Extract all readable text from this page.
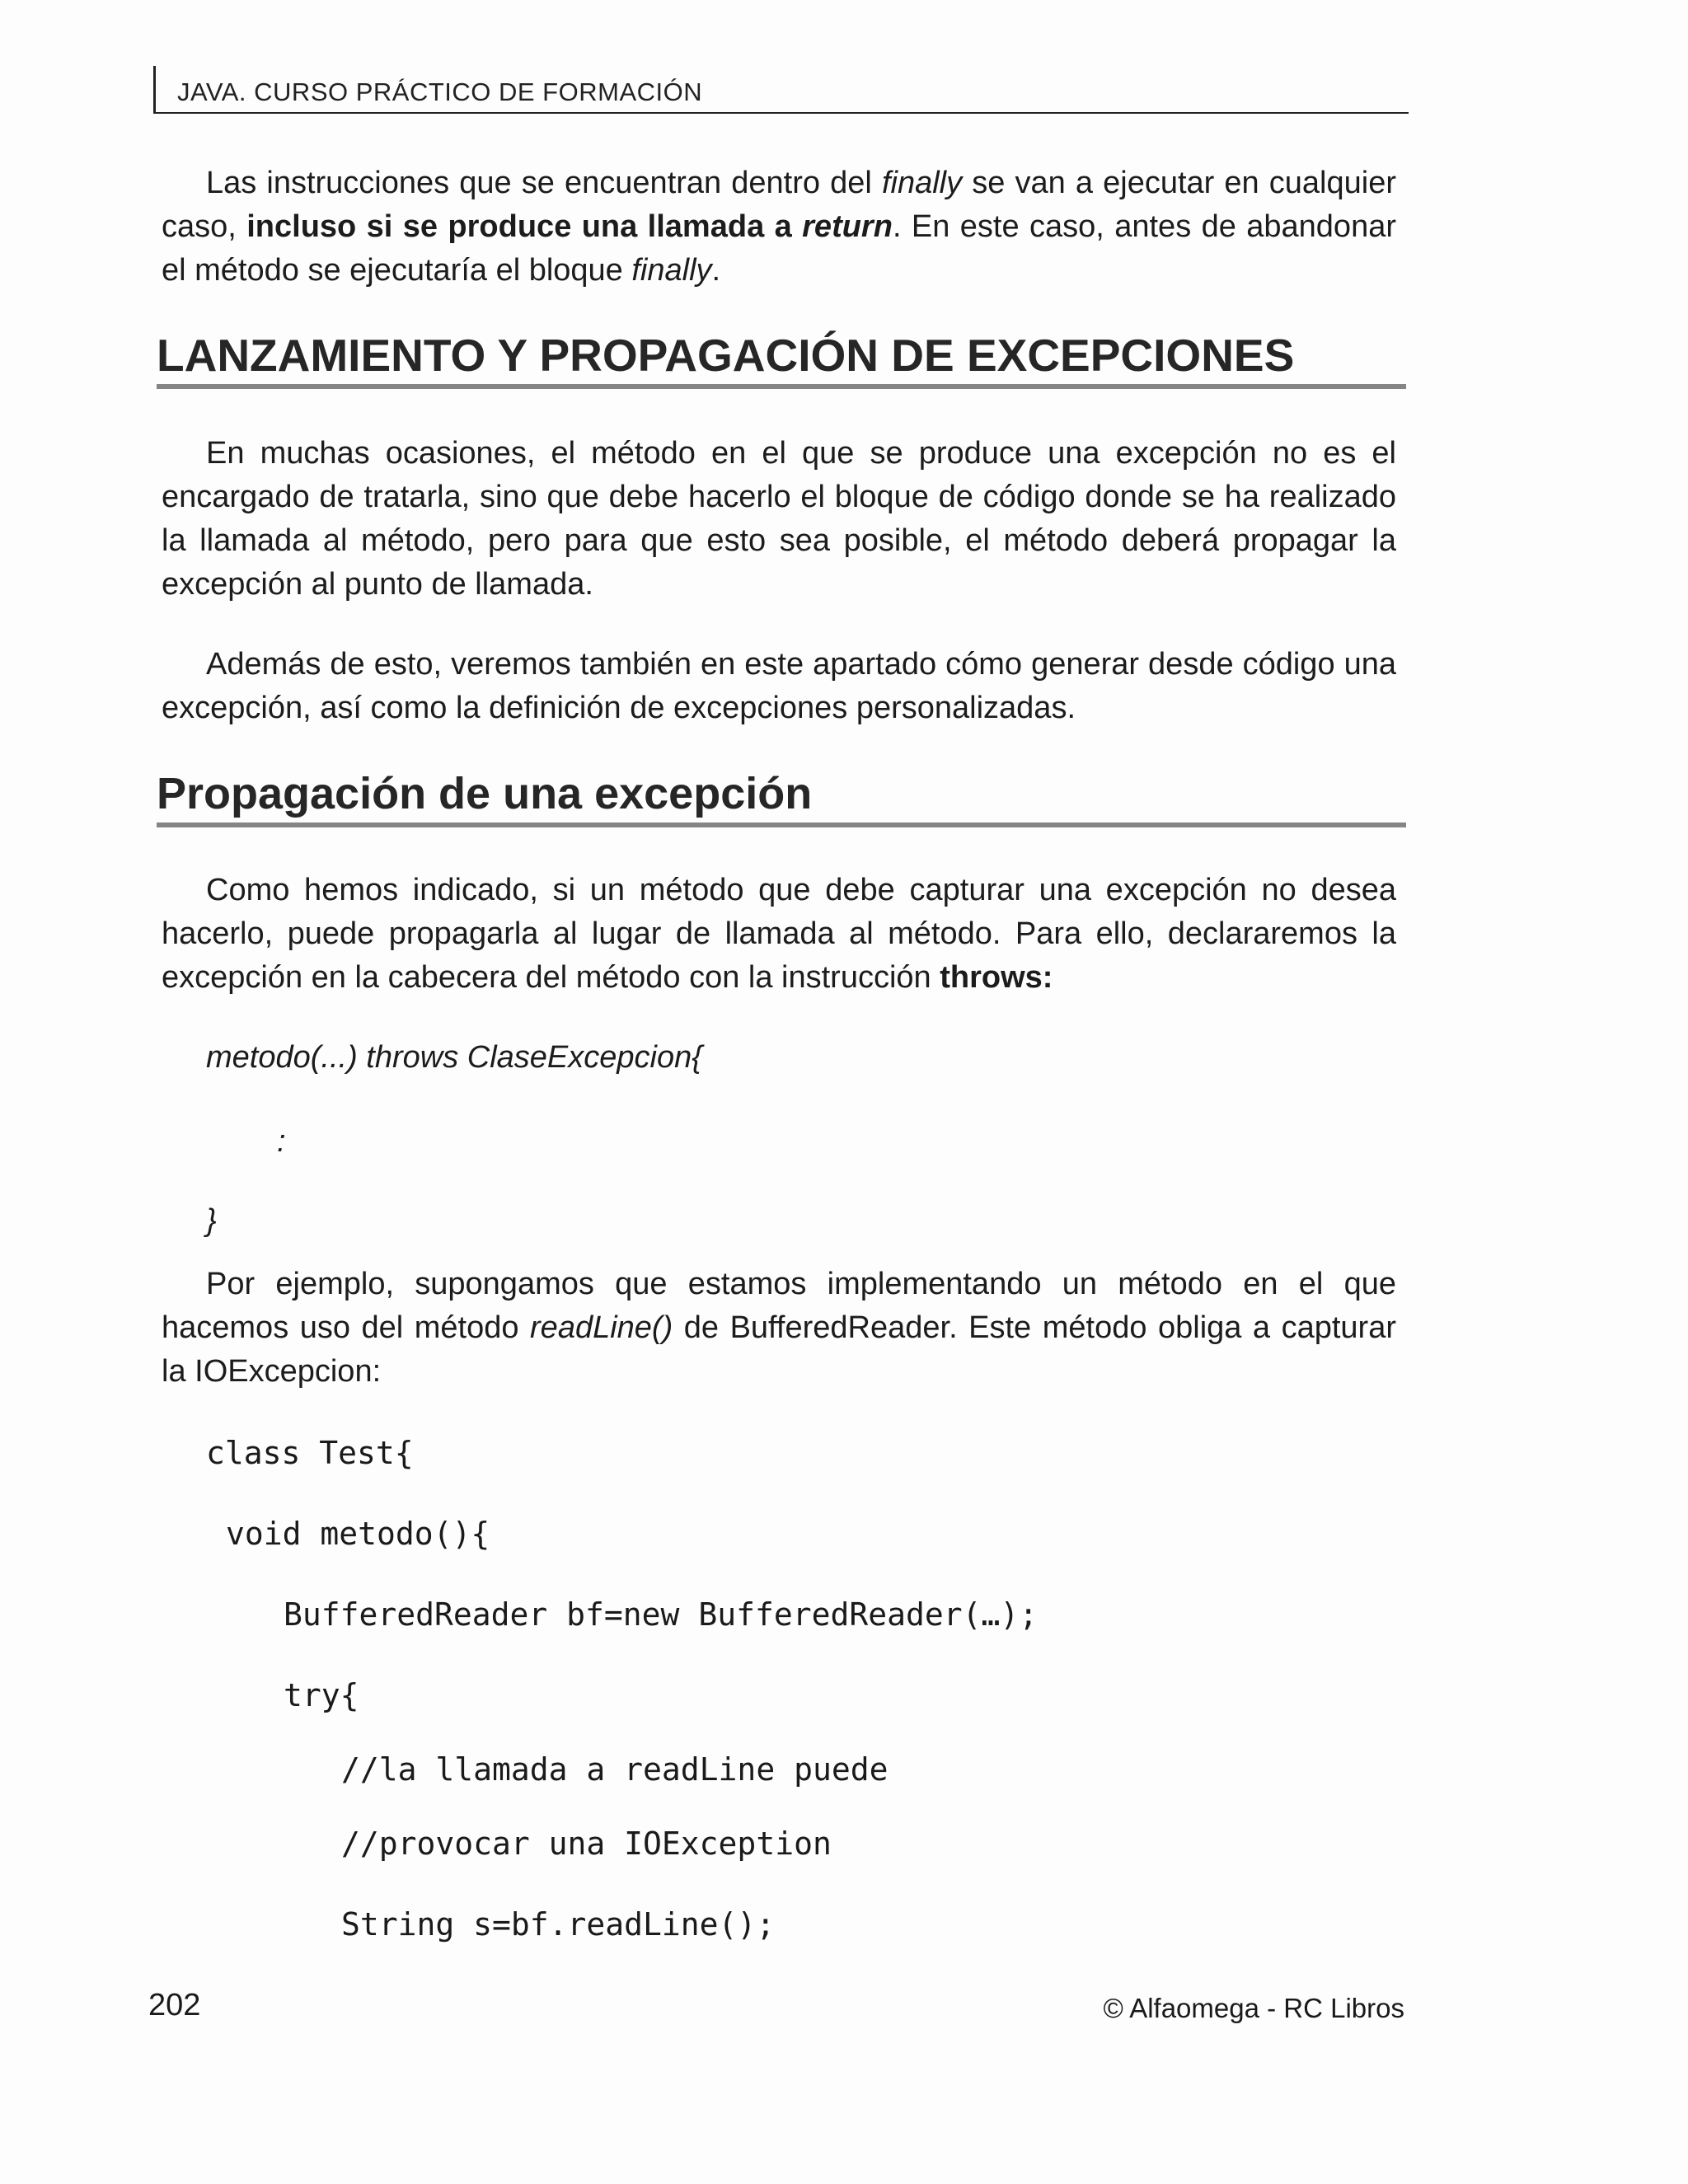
JAVA. CURSO PRÁCTICO DE FORMACIÓN

Las instrucciones que se encuentran dentro del finally se van a ejecutar en cualquier caso, incluso si se produce una llamada a return. En este caso, antes de abandonar el método se ejecutaría el bloque finally.

LANZAMIENTO Y PROPAGACIÓN DE EXCEPCIONES

En muchas ocasiones, el método en el que se produce una excepción no es el encargado de tratarla, sino que debe hacerlo el bloque de código donde se ha realizado la llamada al método, pero para que esto sea posible, el método deberá propagar la excepción al punto de llamada.

Además de esto, veremos también en este apartado cómo generar desde código una excepción, así como la definición de excepciones personalizadas.

Propagación de una excepción

Como hemos indicado, si un método que debe capturar una excepción no desea hacerlo, puede propagarla al lugar de llamada al método. Para ello, declararemos la excepción en la cabecera del método con la instrucción throws:

metodo(...) throws ClaseExcepcion{

:

}

Por ejemplo, supongamos que estamos implementando un método en el que hacemos uso del método readLine() de BufferedReader. Este método obliga a capturar la IOExcepcion:

class Test{

void metodo(){

BufferedReader bf=new BufferedReader(…);

try{

//la llamada a readLine puede

//provocar una IOException

String s=bf.readLine();

202	© Alfaomega - RC Libros
